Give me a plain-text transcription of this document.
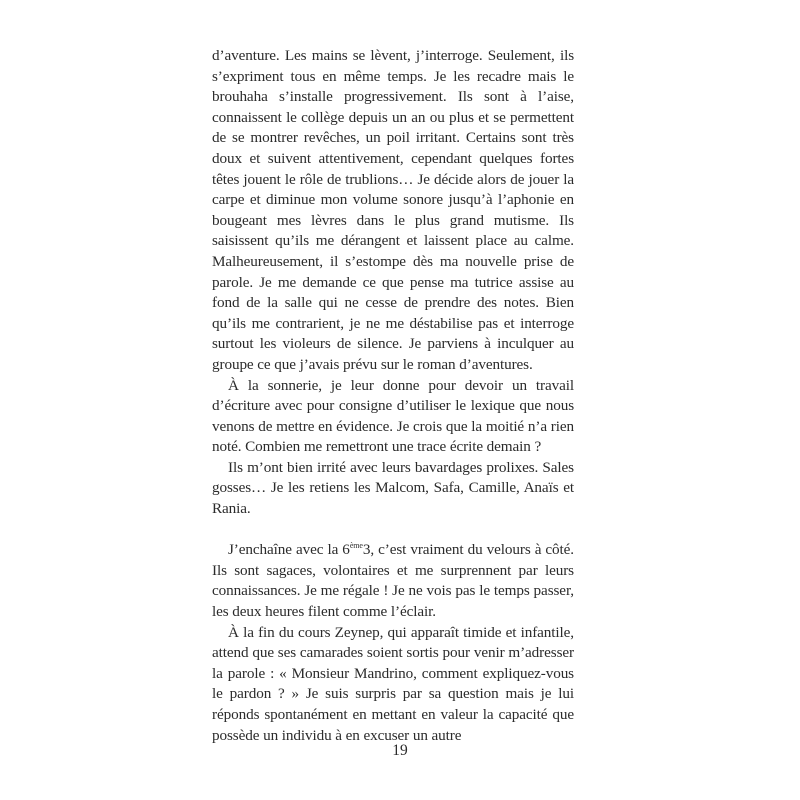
d’aventure. Les mains se lèvent, j’interroge. Seulement, ils s’expriment tous en même temps. Je les recadre mais le brouhaha s’installe progressivement. Ils sont à l’aise, connaissent le collège depuis un an ou plus et se permettent de se montrer revêches, un poil irritant. Certains sont très doux et suivent attentivement, cependant quelques fortes têtes jouent le rôle de trublions… Je décide alors de jouer la carpe et diminue mon volume sonore jusqu’à l’aphonie en bougeant mes lèvres dans le plus grand mutisme. Ils saisissent qu’ils me dérangent et laissent place au calme. Malheureusement, il s’estompe dès ma nouvelle prise de parole. Je me demande ce que pense ma tutrice assise au fond de la salle qui ne cesse de prendre des notes. Bien qu’ils me contrarient, je ne me déstabilise pas et interroge surtout les violeurs de silence. Je parviens à inculquer au groupe ce que j’avais prévu sur le roman d’aventures.

À la sonnerie, je leur donne pour devoir un travail d’écriture avec pour consigne d’utiliser le lexique que nous venons de mettre en évidence. Je crois que la moitié n’a rien noté. Combien me remettront une trace écrite demain ?

Ils m’ont bien irrité avec leurs bavardages prolixes. Sales gosses… Je les retiens les Malcom, Safa, Camille, Anaïs et Rania.

J’enchaîne avec la 6ème3, c’est vraiment du velours à côté. Ils sont sagaces, volontaires et me surprennent par leurs connaissances. Je me régale ! Je ne vois pas le temps passer, les deux heures filent comme l’éclair.

À la fin du cours Zeynep, qui apparaît timide et infantile, attend que ses camarades soient sortis pour venir m’adresser la parole : « Monsieur Mandrino, comment expliquez-vous le pardon ? » Je suis surpris par sa question mais je lui réponds spontanément en mettant en valeur la capacité que possède un individu à en excuser un autre

19
